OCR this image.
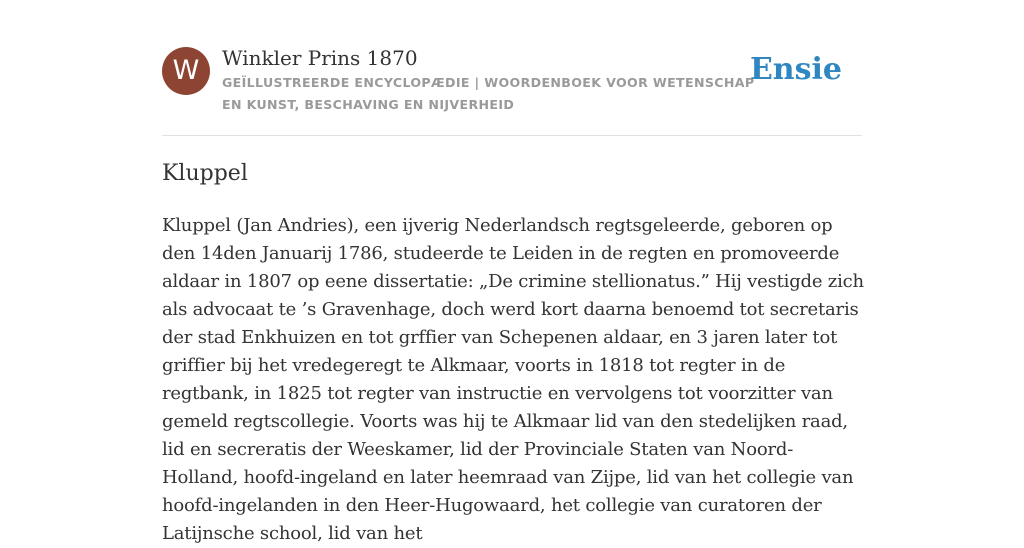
W	Winkler Prins 1870
GEÏLLUSTREERDE ENCYCLOPÆDIE | WOORDENBOEK VOOR WETENSCHAP EN KUNST, BESCHAVING EN NIJVERHEID
Ensie
Kluppel

Kluppel (Jan Andries), een ijverig Nederlandsch regtsgeleerde, geboren op den 14den Januarij 1786, studeerde te Leiden in de regten en promoveerde aldaar in 1807 op eene dissertatie: „De crimine stellionatus.” Hij vestigde zich als advocaat te ’s Gravenhage, doch werd kort daarna benoemd tot secretaris der stad Enkhuizen en tot grffier van Schepenen aldaar, en 3 jaren later tot griffier bij het vredegeregt te Alkmaar, voorts in 1818 tot regter in de regtbank, in 1825 tot regter van instructie en vervolgens tot voorzitter van gemeld regtscollegie. Voorts was hij te Alkmaar lid van den stedelijken raad, lid en secreratis der Weeskamer, lid der Provinciale Staten van Noord-Holland, hoofd-ingeland en later heemraad van Zijpe, lid van het collegie van hoofd-ingelanden in den Heer-Hugowaard, het collegie van curatoren der Latijnsche school, lid van het
